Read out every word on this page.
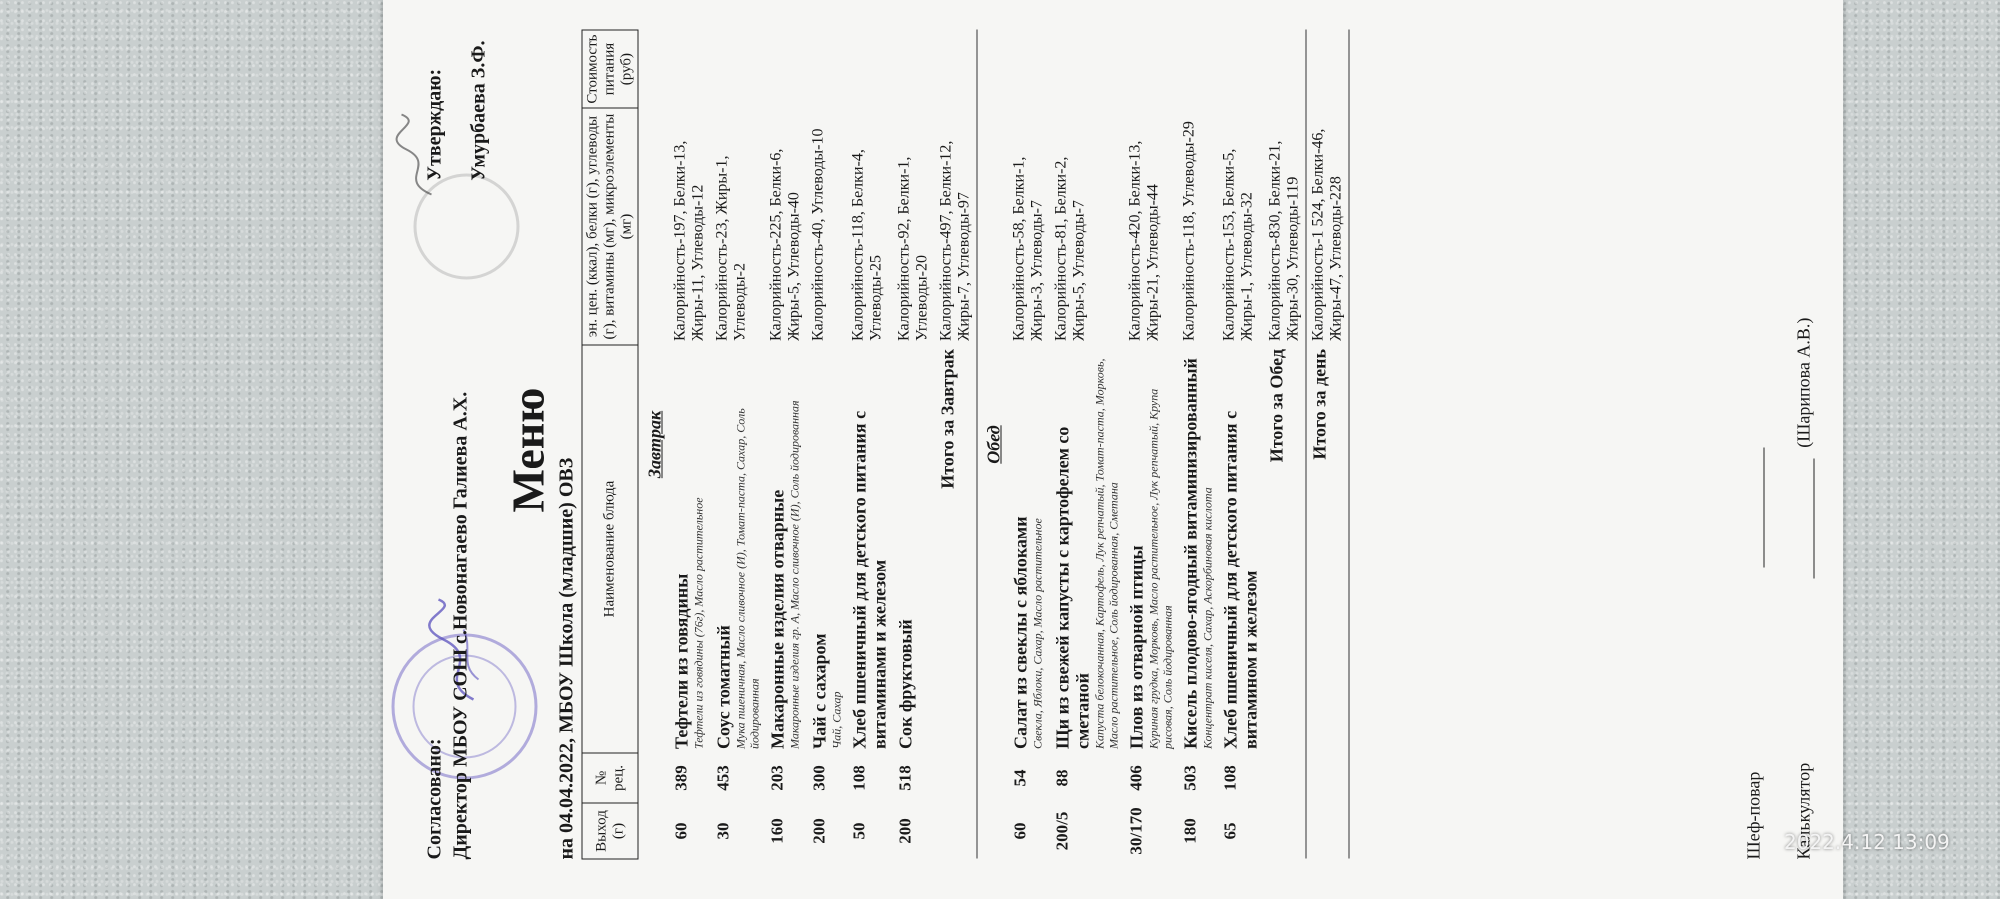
Согласовано: Директор МБОУ СОШ с.Новонагаево Галиева А.Х.
Утверждаю: Умурбаева З.Ф.
Меню
на 04.04.2022, МБОУ Школа (младшие) ОВЗ Выход (г)	№ рец.	Наименование блюда	эн. цен. (ккал), белки (г), углеводы (г), витамины (мг), микроэлементы (мг)	Стоимость питания (руб)
Завтрак				
60	389	Тефтели из говядины Тефтели из говядины (76г), Масло растительное	Калорийность-197, Белки-13, Жиры-11, Углеводы-12	
30	453	Соус томатный Мука пшеничная, Масло сливочное (И), Томат-паста, Сахар, Соль йодированная	Калорийность-23, Жиры-1, Углеводы-2	
160	203	Макаронные изделия отварные Макаронные изделия гр. А, Масло сливочное (И), Соль йодированная	Калорийность-225, Белки-6, Жиры-5, Углеводы-40	
200	300	Чай с сахаром Чай, Сахар	Калорийность-40, Углеводы-10	
50	108	Хлеб пшеничный для детского питания с витаминами и железом	Калорийность-118, Белки-4, Углеводы-25	
200	518	Сок фруктовый	Калорийность-92, Белки-1, Углеводы-20	
Итого за Завтрак			Калорийность-497, Белки-12, Жиры-7, Углеводы-97	
Обед				
60	54	Салат из свеклы с яблоками Свекла, Яблоки, Сахар, Масло растительное	Калорийность-58, Белки-1, Жиры-3, Углеводы-7	
200/5	88	Щи из свежей капусты с картофелем со сметаной Капуста белокочанная, Картофель, Лук репчатый, Томат-паста, Морковь, Масло растительное, Соль йодированная, Сметана	Калорийность-81, Белки-2, Жиры-5, Углеводы-7	
30/170	406	Плов из отварной птицы Куриная грудка, Морковь, Масло растительное, Лук репчатый, Крупа рисовая, Соль йодированная	Калорийность-420, Белки-13, Жиры-21, Углеводы-44	
180	503	Кисель плодово-ягодный витаминизированный Концентрат киселя, Сахар, Аскорбиновая кислота	Калорийность-118, Углеводы-29	
65	108	Хлеб пшеничный для детского питания с витамином и железом	Калорийность-153, Белки-5, Жиры-1, Углеводы-32	
Итого за Обед			Калорийность-830, Белки-21, Жиры-30, Углеводы-119	
Итого за день			Калорийность-1 524, Белки-46, Жиры-47, Углеводы-228	
Шеф-повар Калькулятор  (Шарипова А.В.)
2022.4.12 13:09
